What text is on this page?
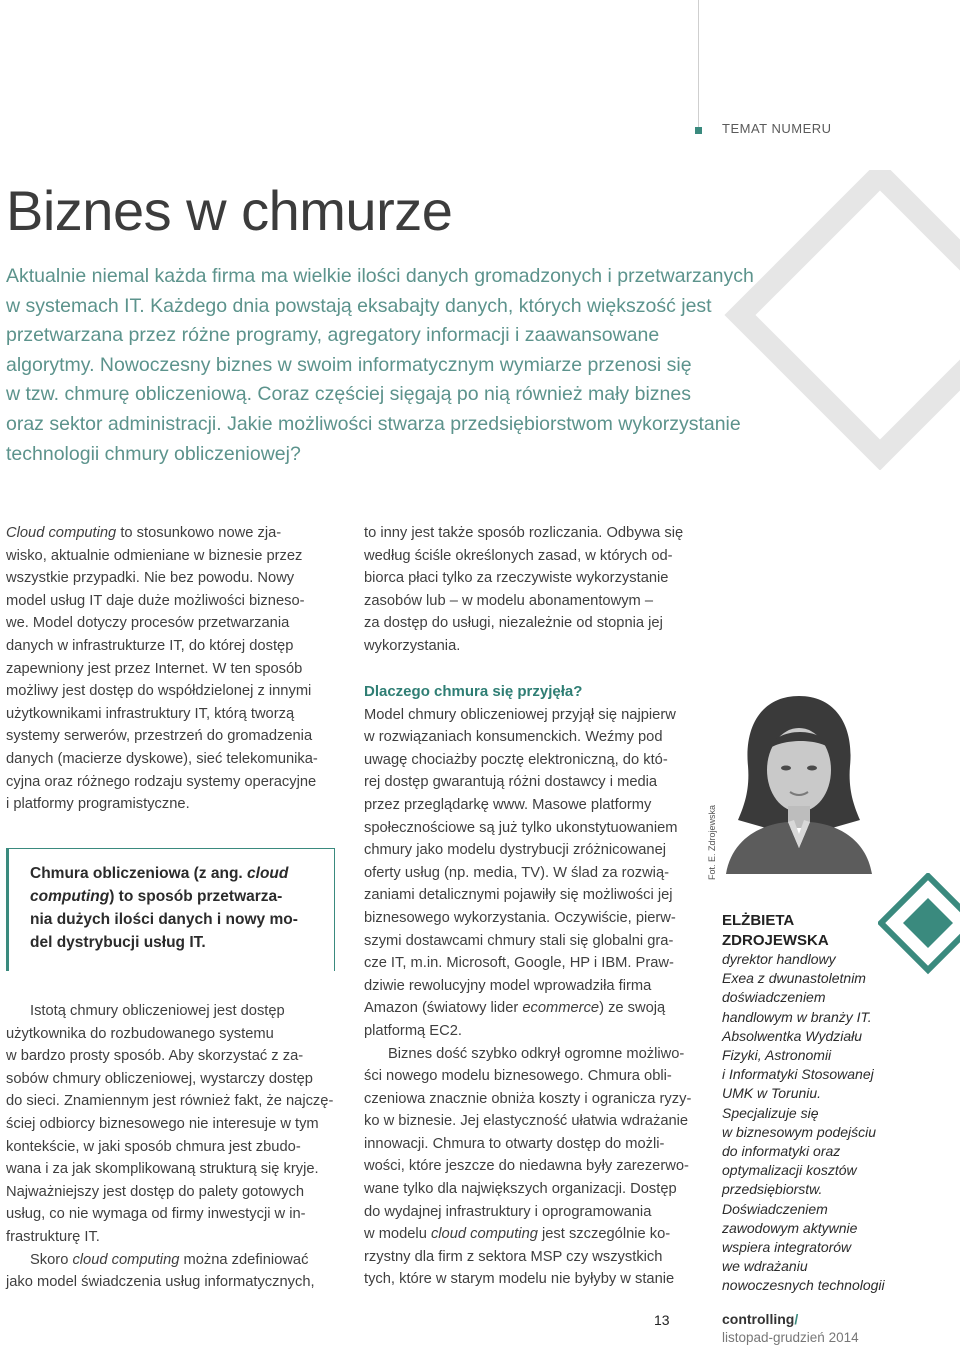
TEMAT NUMERU
Biznes w chmurze

Aktualnie niemal każda firma ma wielkie ilości danych gromadzonych i przetwarzanych

w systemach IT. Każdego dnia powstają eksabajty danych, których większość jest

przetwarzana przez różne programy, agregatory informacji i zaawansowane

algorytmy. Nowoczesny biznes w swoim informatycznym wymiarze przenosi się

w tzw. chmurę obliczeniową. Coraz częściej sięgają po nią również mały biznes

oraz sektor administracji. Jakie możliwości stwarza przedsiębiorstwom wykorzystanie

technologii chmury obliczeniowej?

Cloud computing to stosunkowo nowe zja-

wisko, aktualnie odmieniane w biznesie przez

wszystkie przypadki. Nie bez powodu. Nowy

model usług IT daje duże możliwości bizneso-

we. Model dotyczy procesów przetwarzania

danych w infrastrukturze IT, do której dostęp

zapewniony jest przez Internet. W ten sposób

możliwy jest dostęp do współdzielonej z innymi

użytkownikami infrastruktury IT, którą tworzą

systemy serwerów, przestrzeń do gromadzenia

danych (macierze dyskowe), sieć telekomunika-

cyjna oraz różnego rodzaju systemy operacyjne

i platformy programistyczne.

Chmura obliczeniowa (z ang. cloud

computing) to sposób przetwarza-

nia dużych ilości danych i nowy mo-

del dystrybucji usług IT.

Istotą chmury obliczeniowej jest dostęp

użytkownika do rozbudowanego systemu

w bardzo prosty sposób. Aby skorzystać z za-

sobów chmury obliczeniowej, wystarczy dostęp

do sieci. Znamiennym jest również fakt, że najczę-

ściej odbiorcy biznesowego nie interesuje w tym

kontekście, w jaki sposób chmura jest zbudo-

wana i za jak skomplikowaną strukturą się kryje.

Najważniejszy jest dostęp do palety gotowych

usług, co nie wymaga od firmy inwestycji w in-

frastrukturę IT.

Skoro cloud computing można zdefiniować

jako model świadczenia usług informatycznych,

to inny jest także sposób rozliczania. Odbywa się

według ściśle określonych zasad, w których od-

biorca płaci tylko za rzeczywiste wykorzystanie

zasobów lub – w modelu abonamentowym –

za dostęp do usługi, niezależnie od stopnia jej

wykorzystania.

Dlaczego chmura się przyjęła?

Model chmury obliczeniowej przyjął się najpierw

w rozwiązaniach konsumenckich. Weźmy pod

uwagę chociażby pocztę elektroniczną, do któ-

rej dostęp gwarantują różni dostawcy i media

przez przeglądarkę www. Masowe platformy

społecznościowe są już tylko ukonstytuowaniem

chmury jako modelu dystrybucji zróżnicowanej

oferty usług (np. media, TV). W ślad za rozwią-

zaniami detalicznymi pojawiły się możliwości jej

biznesowego wykorzystania. Oczywiście, pierw-

szymi dostawcami chmury stali się globalni gra-

cze IT, m.in. Microsoft, Google, HP i IBM. Praw-

dziwie rewolucyjny model wprowadziła firma

Amazon (światowy lider ecommerce) ze swoją

platformą EC2.

Biznes dość szybko odkrył ogromne możliwo-

ści nowego modelu biznesowego. Chmura obli-

czeniowa znacznie obniża koszty i ogranicza ryzy-

ko w biznesie. Jej elastyczność ułatwia wdrażanie

innowacji. Chmura to otwarty dostęp do możli-

wości, które jeszcze do niedawna były zarezerwo-

wane tylko dla największych organizacji. Dostęp

do wydajnej infrastruktury i oprogramowania

w modelu cloud computing jest szczególnie ko-

rzystny dla firm z sektora MSP czy wszystkich

tych, które w starym modelu nie byłyby w stanie

Fot. E. Zdrojewska

ELŻBIETA

ZDROJEWSKA

dyrektor handlowy

Exea z dwunastoletnim

doświadczeniem

handlowym w branży IT.

Absolwentka Wydziału

Fizyki, Astronomii

i Informatyki Stosowanej

UMK w Toruniu.

Specjalizuje się

w biznesowym podejściu

do informatyki oraz

optymalizacji kosztów

przedsiębiorstw.

Doświadczeniem

zawodowym aktywnie

wspiera integratorów

we wdrażaniu

nowoczesnych technologii

13	controlling/
listopad-grudzień 2014
